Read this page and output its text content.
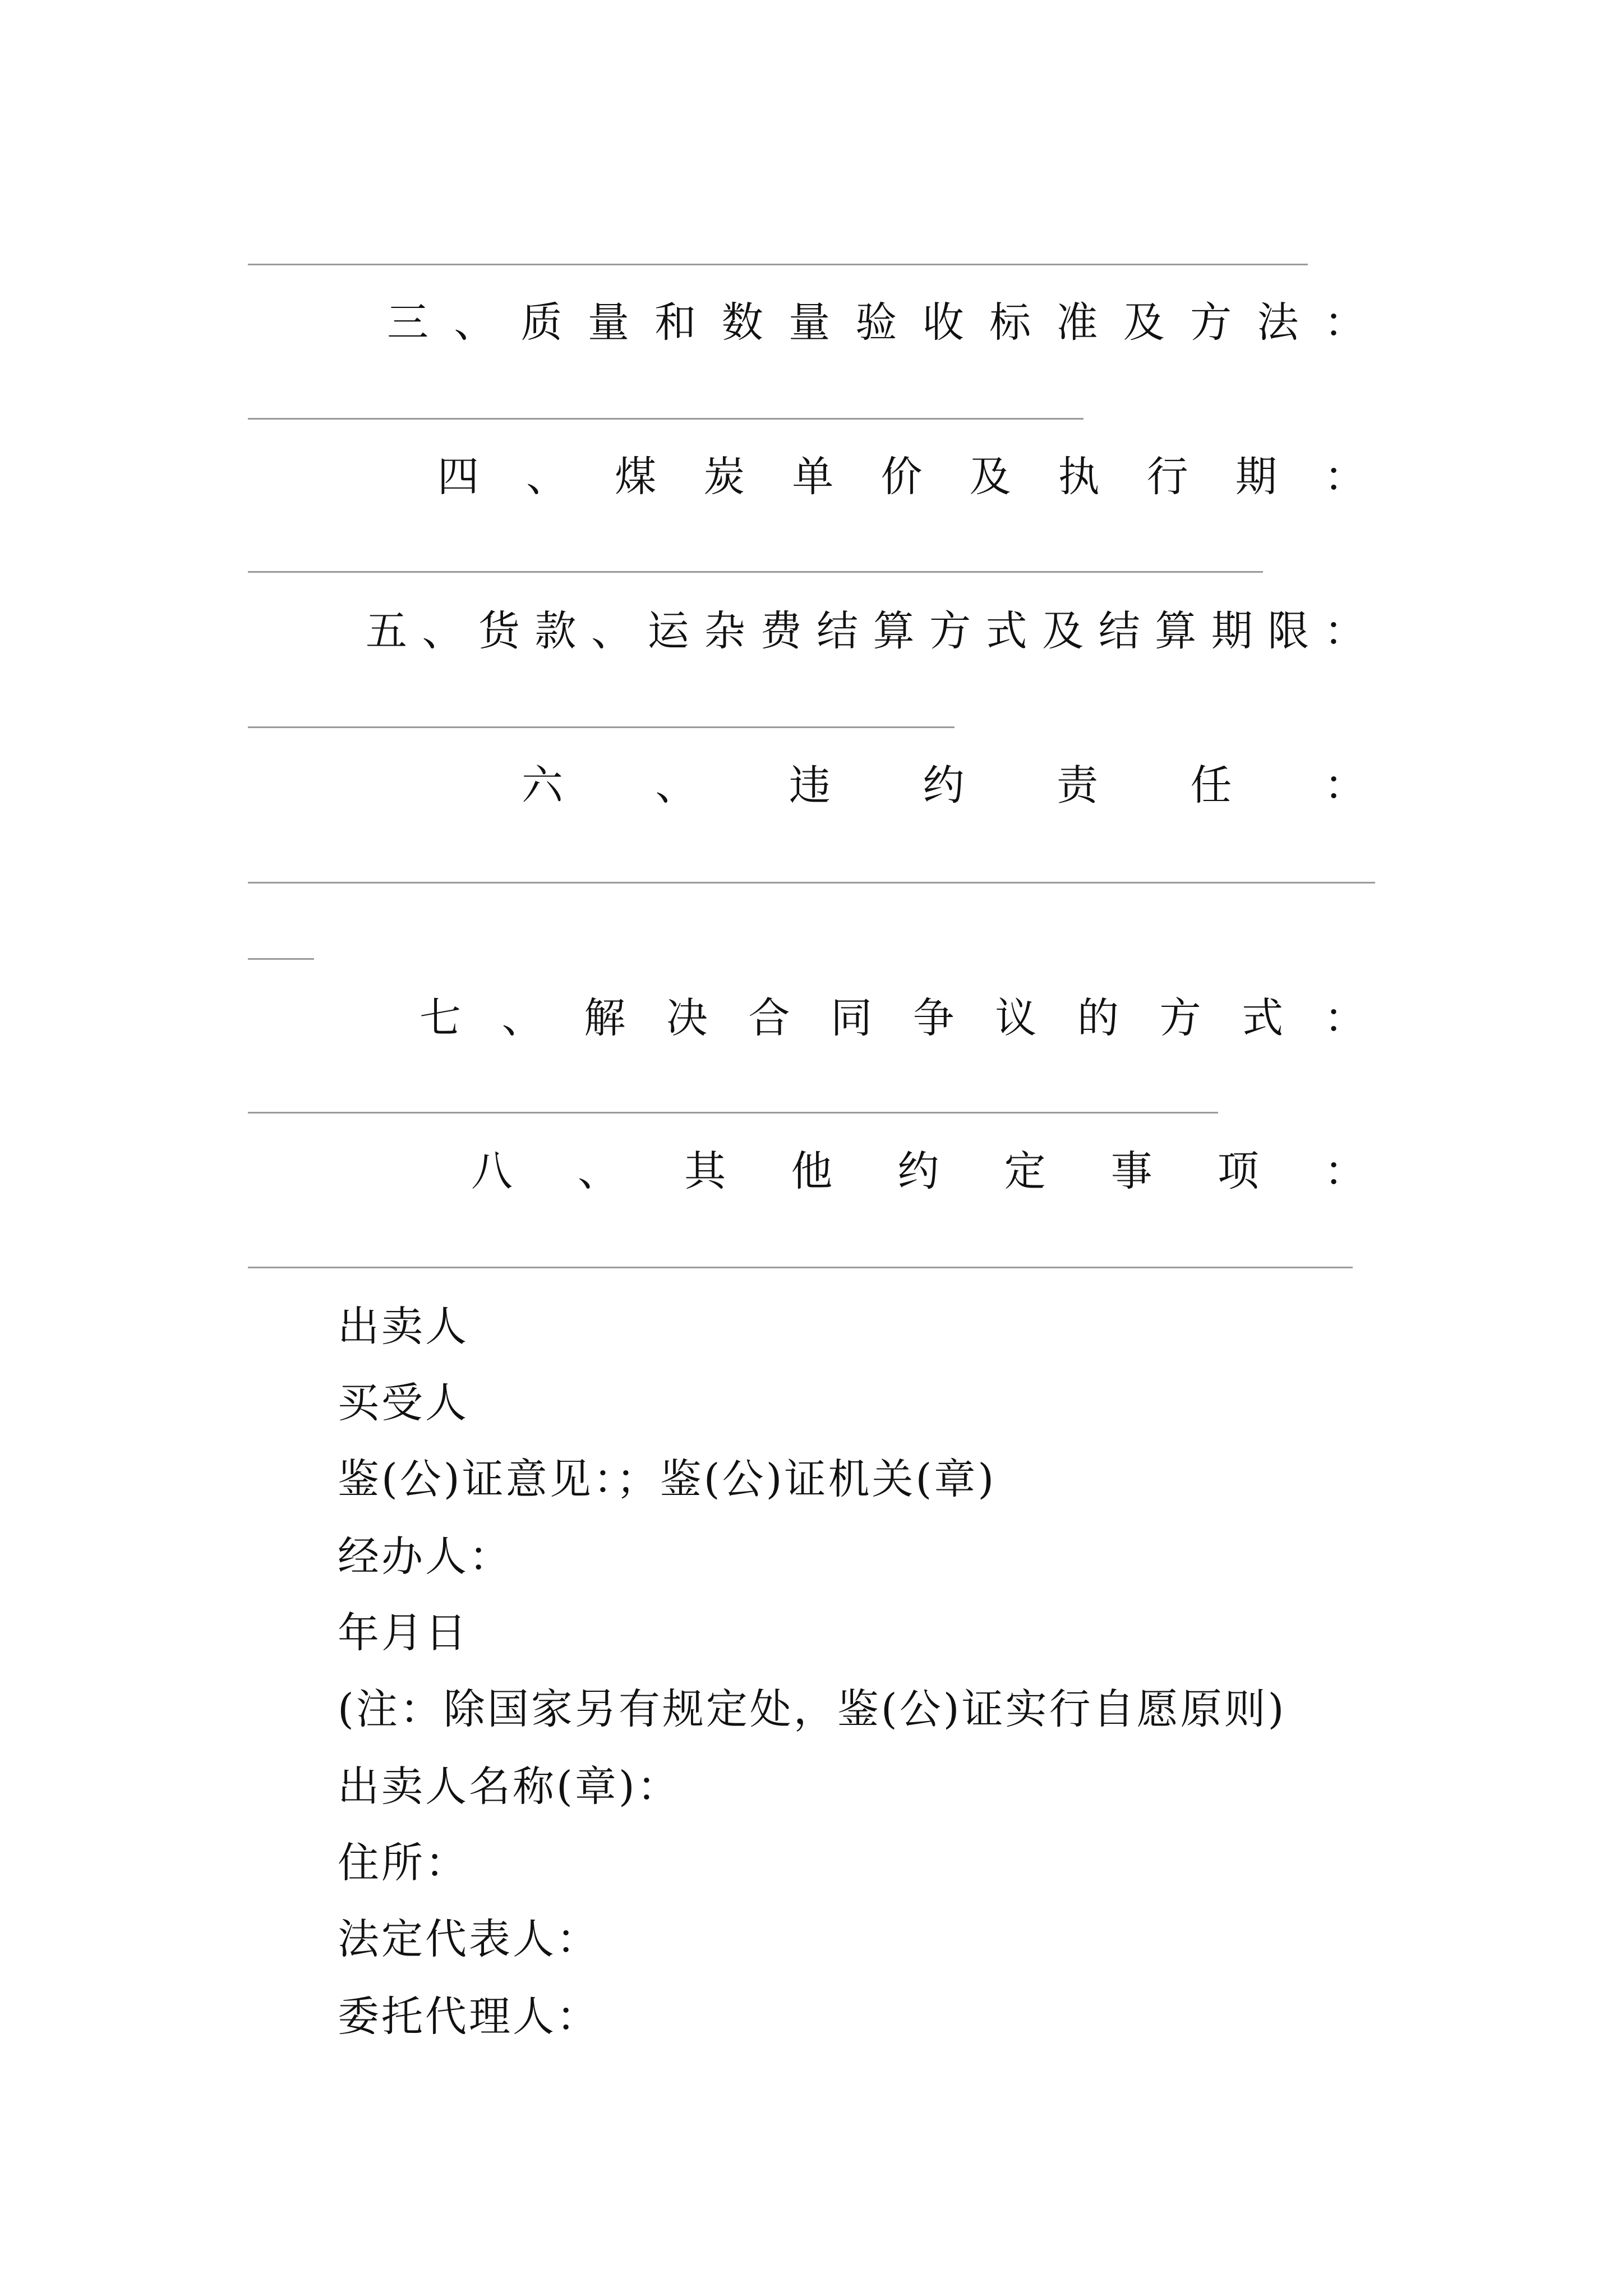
三 、 质 量 和 数 量 验 收 标 准 及 方 法 ：
四 、 煤 炭 单 价 及 执 行 期 ：
五 、 货 款 、 运 杂 费 结 算 方 式 及 结 算 期 限 ：
六 、 违 约 责 任 ：
七 、 解 决 合 同 争 议 的 方 式 ：
八 、 其 他 约 定 事 项 ：
出卖人
买受人
鉴(公)证意见：；鉴(公)证机关(章)
经办人：
年月日
(注：除国家另有规定处，鉴(公)证实行自愿原则)
出卖人名称(章)：
住所：
法定代表人：
委托代理人：
